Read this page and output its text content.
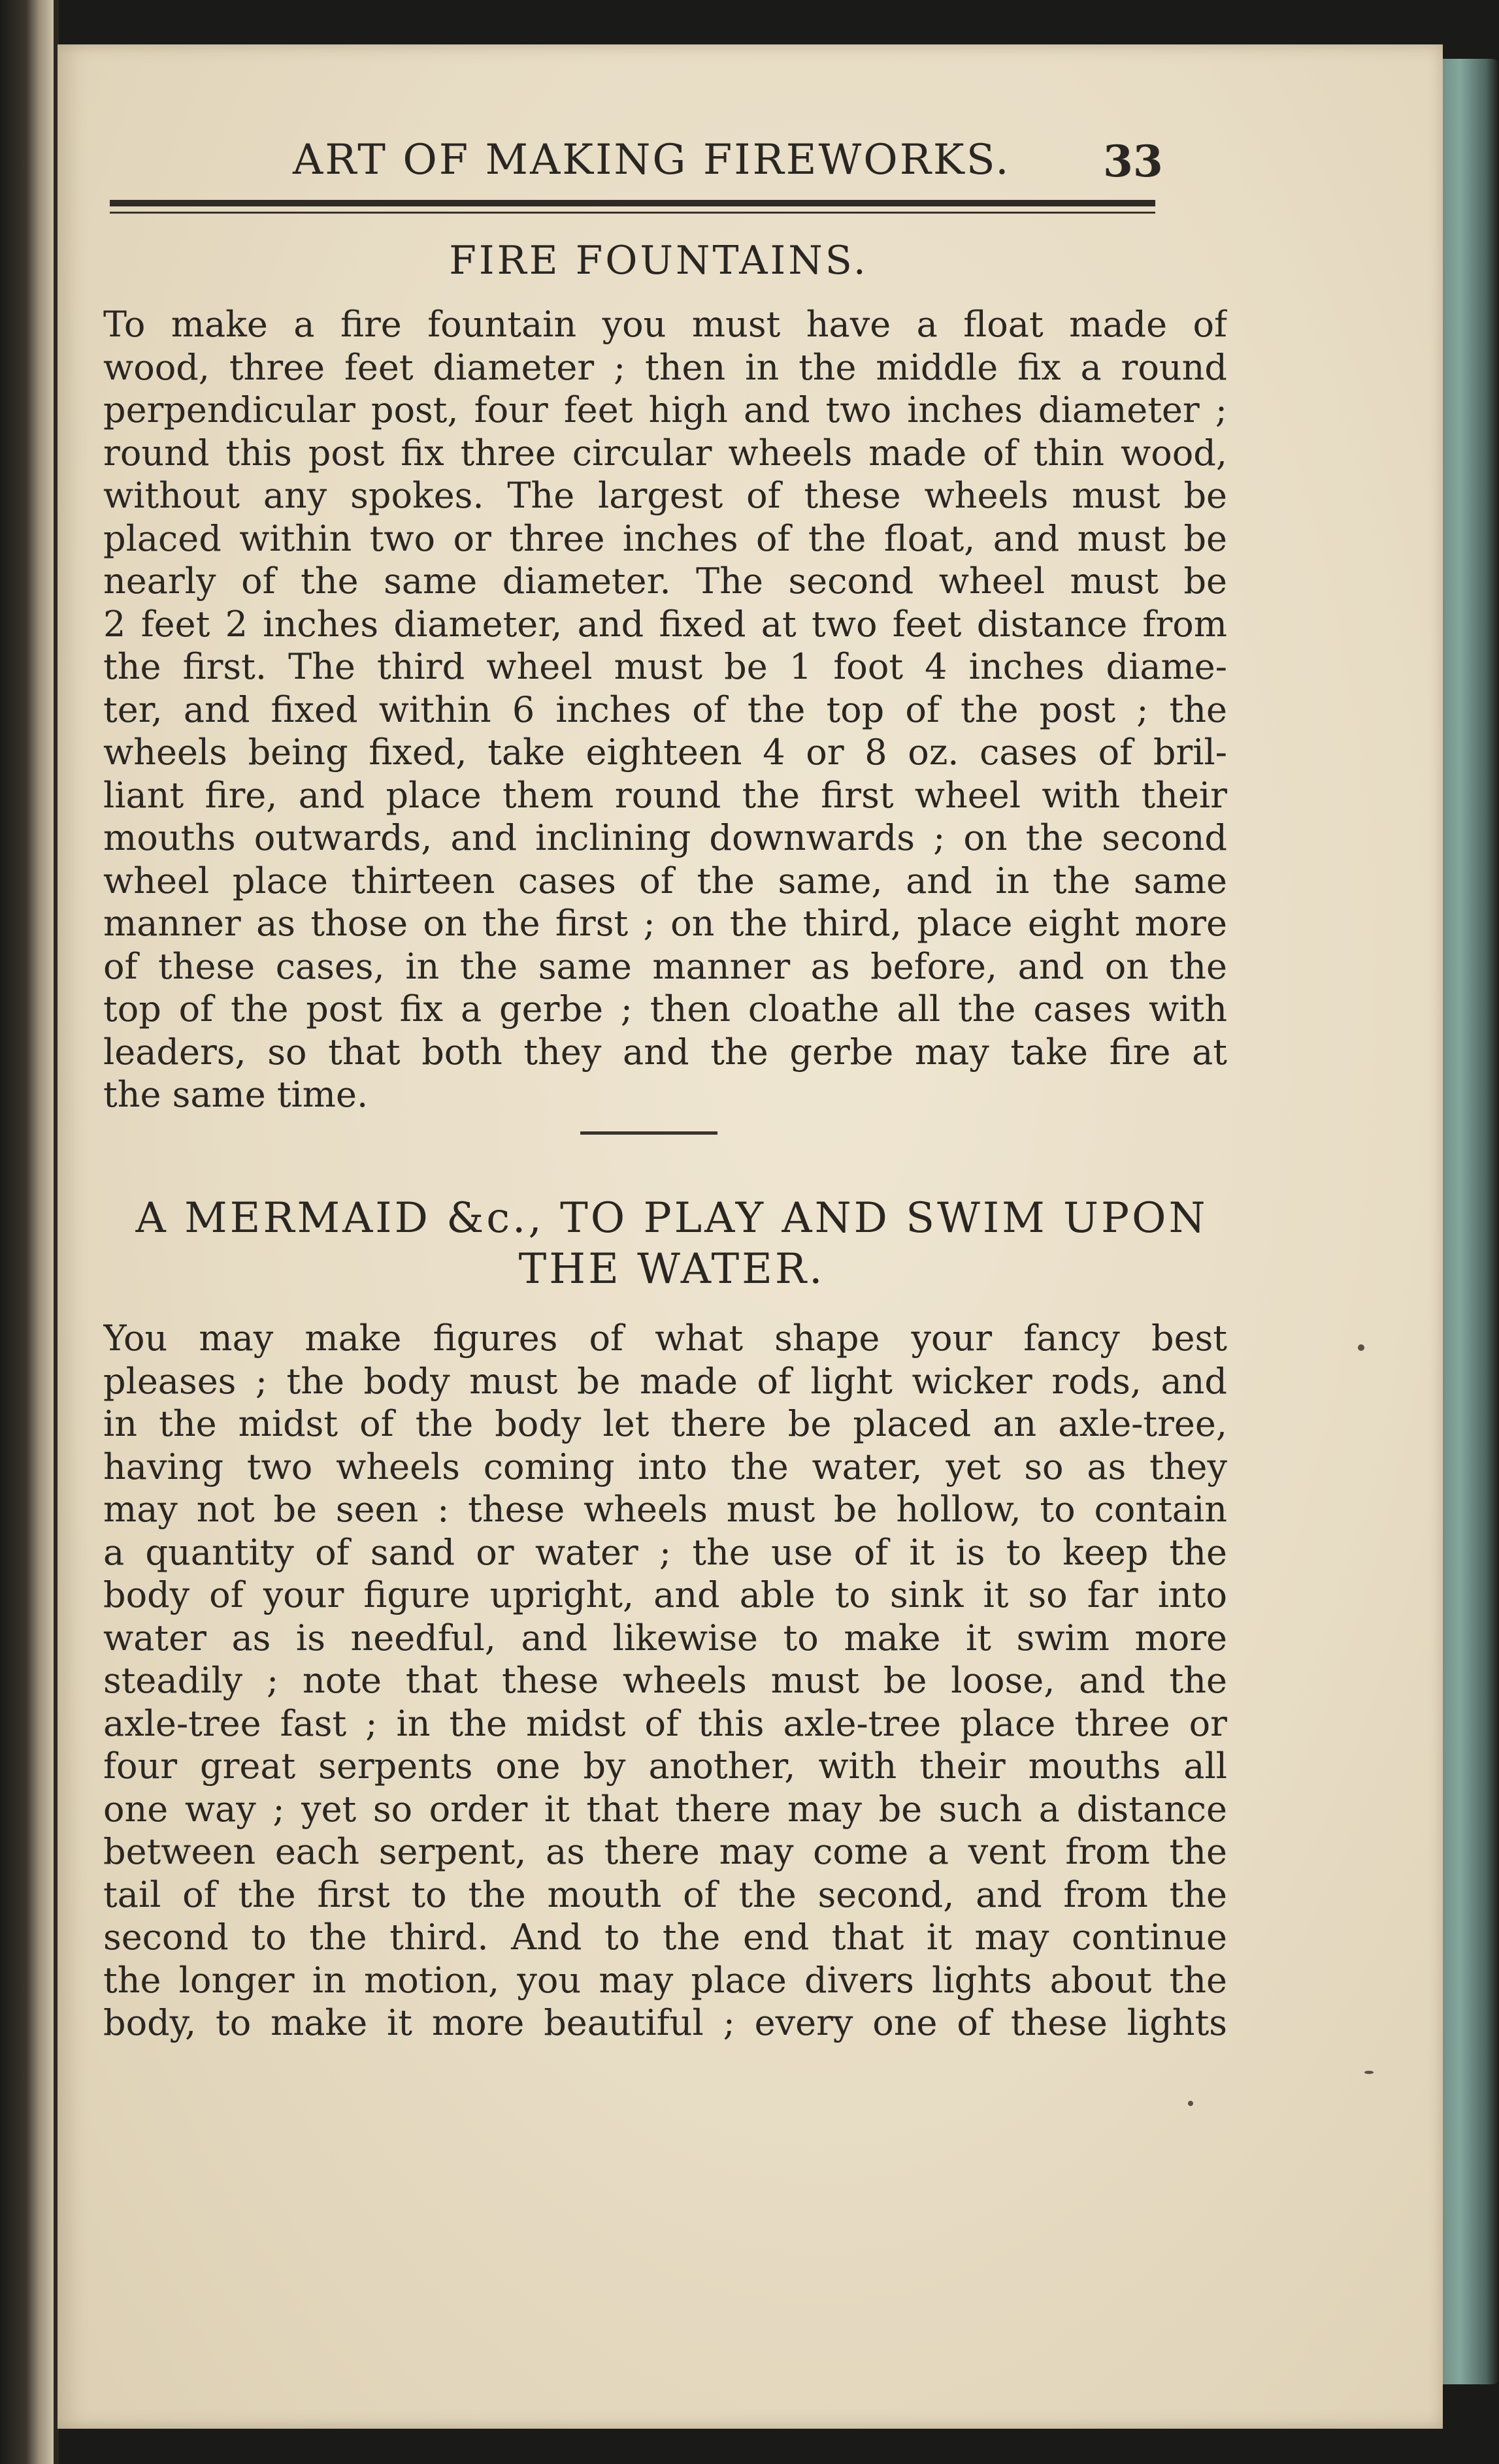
ART OF MAKING FIREWORKS. 33
FIRE FOUNTAINS.
To make a fire fountain you must have a float made of
wood, three feet diameter ; then in the middle fix a round
perpendicular post, four feet high and two inches diameter ;
round this post fix three circular wheels made of thin wood,
without any spokes. The largest of these wheels must be
placed within two or three inches of the float, and must be
nearly of the same diameter. The second wheel must be
2 feet 2 inches diameter, and fixed at two feet distance from
the first. The third wheel must be 1 foot 4 inches diame-
ter, and fixed within 6 inches of the top of the post ; the
wheels being fixed, take eighteen 4 or 8 oz. cases of bril-
liant fire, and place them round the first wheel with their
mouths outwards, and inclining downwards ; on the second
wheel place thirteen cases of the same, and in the same
manner as those on the first ; on the third, place eight more
of these cases, in the same manner as before, and on the
top of the post fix a gerbe ; then cloathe all the cases with
leaders, so that both they and the gerbe may take fire at
the same time.
A MERMAID &c., TO PLAY AND SWIM UPON
THE WATER.
You may make figures of what shape your fancy best
pleases ; the body must be made of light wicker rods, and
in the midst of the body let there be placed an axle-tree,
having two wheels coming into the water, yet so as they
may not be seen : these wheels must be hollow, to contain
a quantity of sand or water ; the use of it is to keep the
body of your figure upright, and able to sink it so far into
water as is needful, and likewise to make it swim more
steadily ; note that these wheels must be loose, and the
axle-tree fast ; in the midst of this axle-tree place three or
four great serpents one by another, with their mouths all
one way ; yet so order it that there may be such a distance
between each serpent, as there may come a vent from the
tail of the first to the mouth of the second, and from the
second to the third. And to the end that it may continue
the longer in motion, you may place divers lights about the
body, to make it more beautiful ; every one of these lights
